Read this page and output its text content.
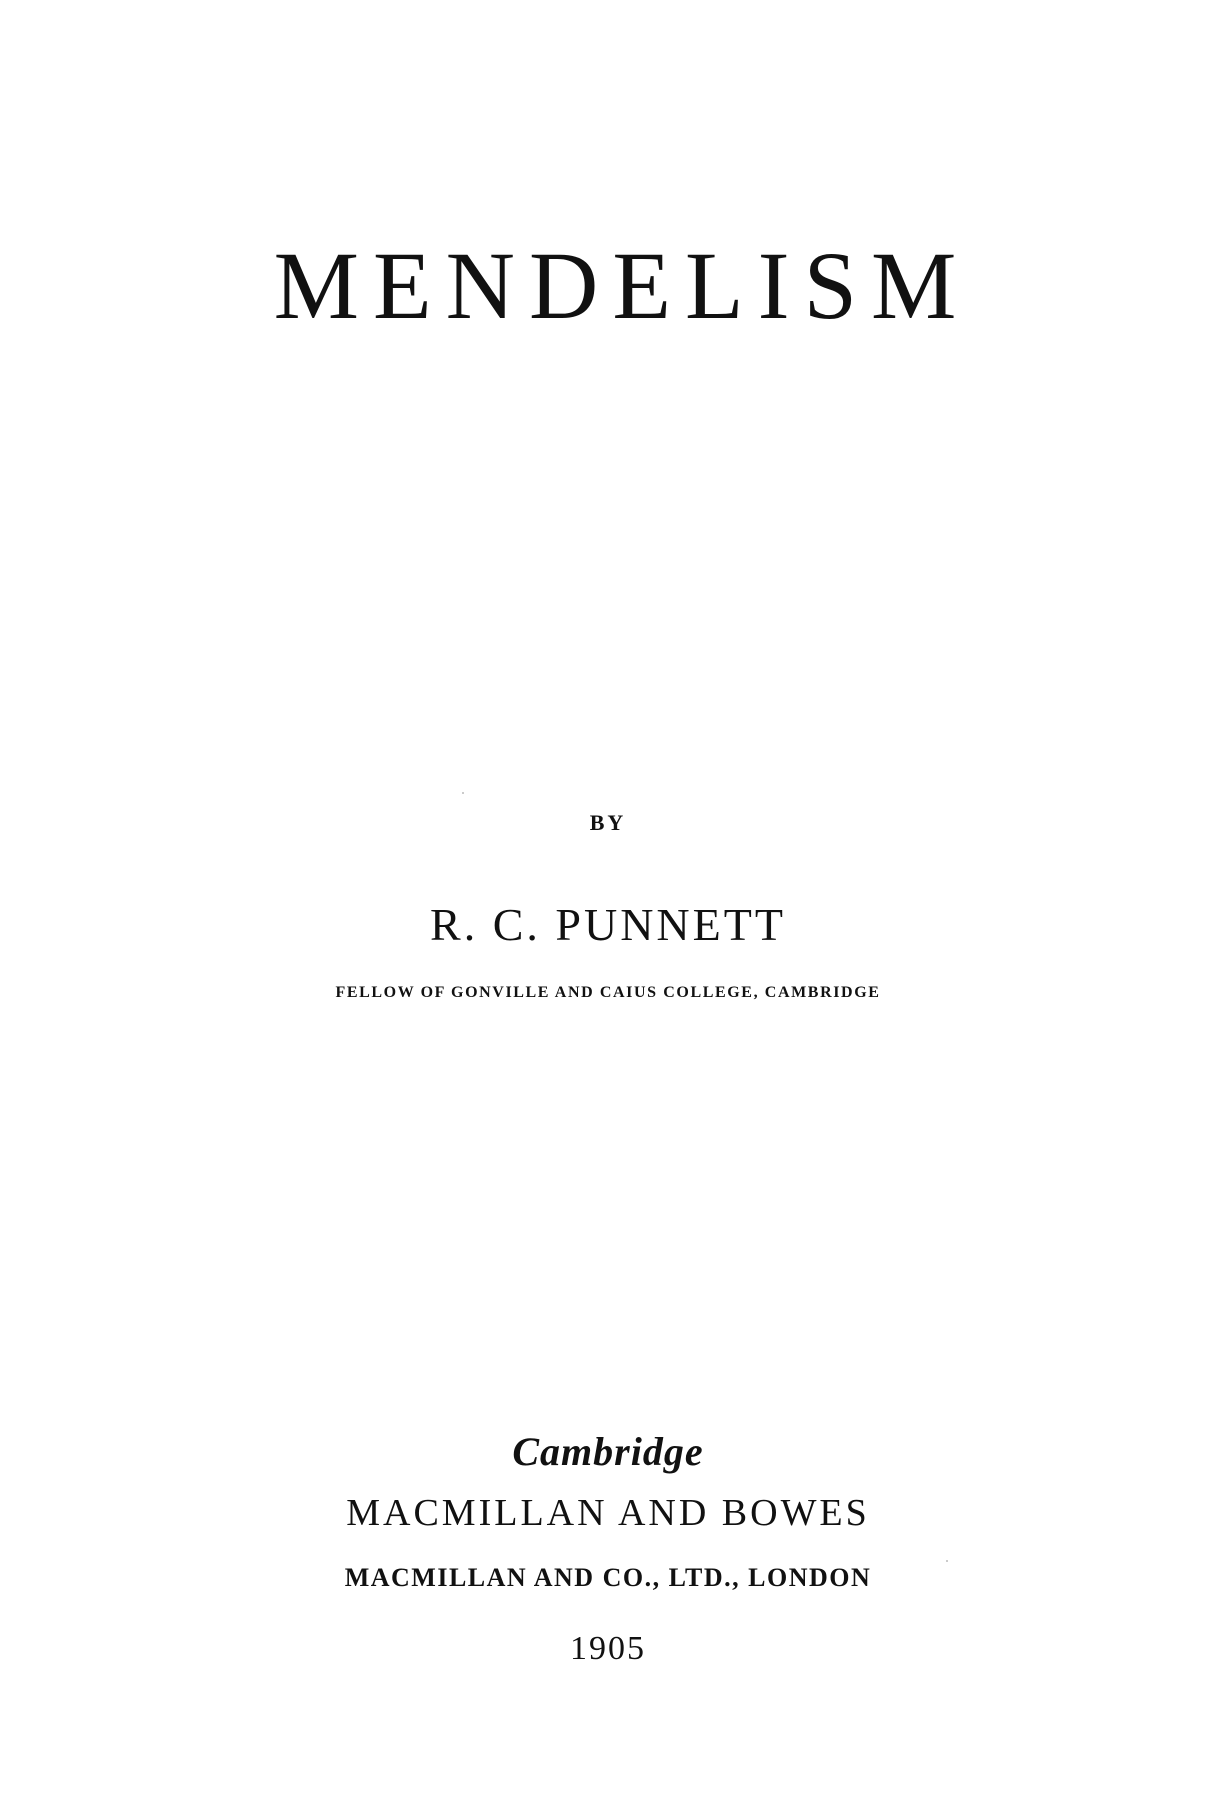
MENDELISM
BY
R. C. PUNNETT
FELLOW OF GONVILLE AND CAIUS COLLEGE, CAMBRIDGE
Cambridge
MACMILLAN AND BOWES
MACMILLAN AND CO., LTD., LONDON
1905
